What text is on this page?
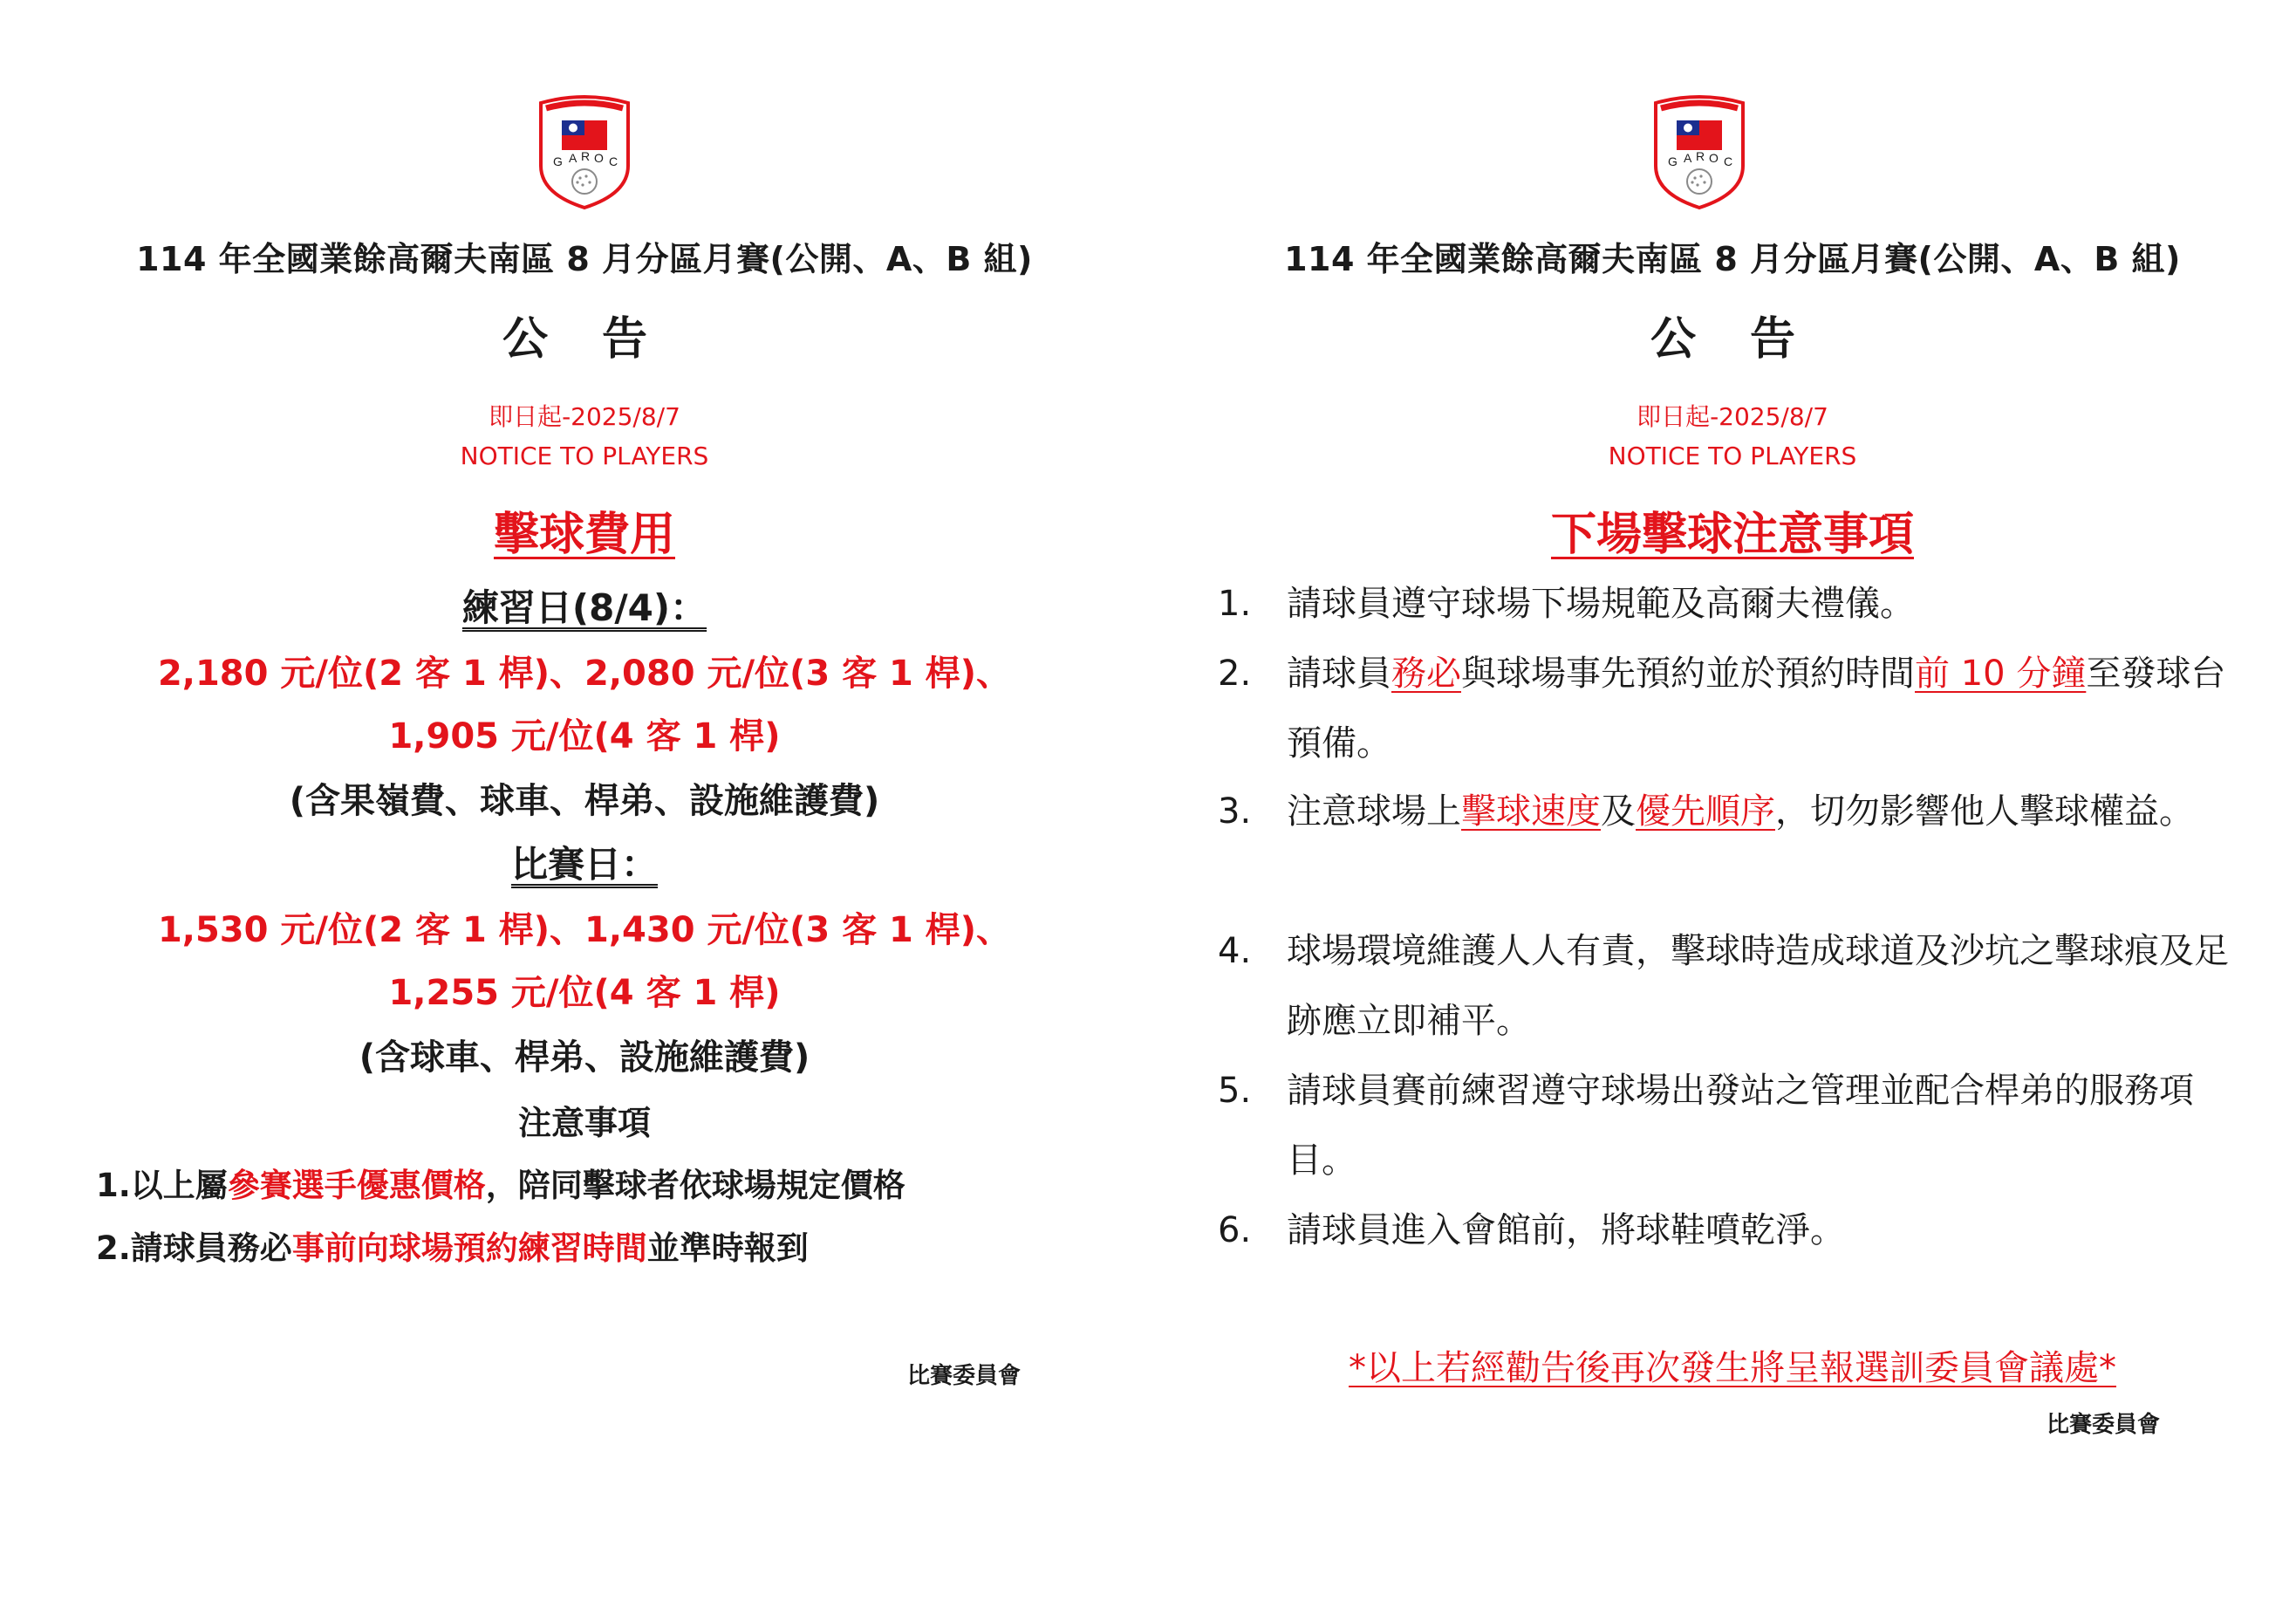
G A R O C
114 年全國業餘高爾夫南區 8 月分區月賽(公開、A、B 組)
公 告
即日起-2025/8/7
NOTICE TO PLAYERS
擊球費用
練習日(8/4)：
2,180 元/位(2 客 1 桿)、2,080 元/位(3 客 1 桿)、
1,905 元/位(4 客 1 桿)
(含果嶺費、球車、桿弟、設施維護費)
比賽日：
1,530 元/位(2 客 1 桿)、1,430 元/位(3 客 1 桿)、
1,255 元/位(4 客 1 桿)
(含球車、桿弟、設施維護費)
注意事項
1.以上屬參賽選手優惠價格，陪同擊球者依球場規定價格
2.請球員務必事前向球場預約練習時間並準時報到
比賽委員會
G A R O C
114 年全國業餘高爾夫南區 8 月分區月賽(公開、A、B 組)
公 告
即日起-2025/8/7
NOTICE TO PLAYERS
下場擊球注意事項
1.	請球員遵守球場下場規範及高爾夫禮儀。
2.	請球員務必與球場事先預約並於預約時間前 10 分鐘至發球台預備。
3.	注意球場上擊球速度及優先順序，切勿影響他人擊球權益。
4.	球場環境維護人人有責，擊球時造成球道及沙坑之擊球痕及足跡應立即補平。
5.	請球員賽前練習遵守球場出發站之管理並配合桿弟的服務項目。
6.	請球員進入會館前，將球鞋噴乾淨。
*以上若經勸告後再次發生將呈報選訓委員會議處*
比賽委員會
